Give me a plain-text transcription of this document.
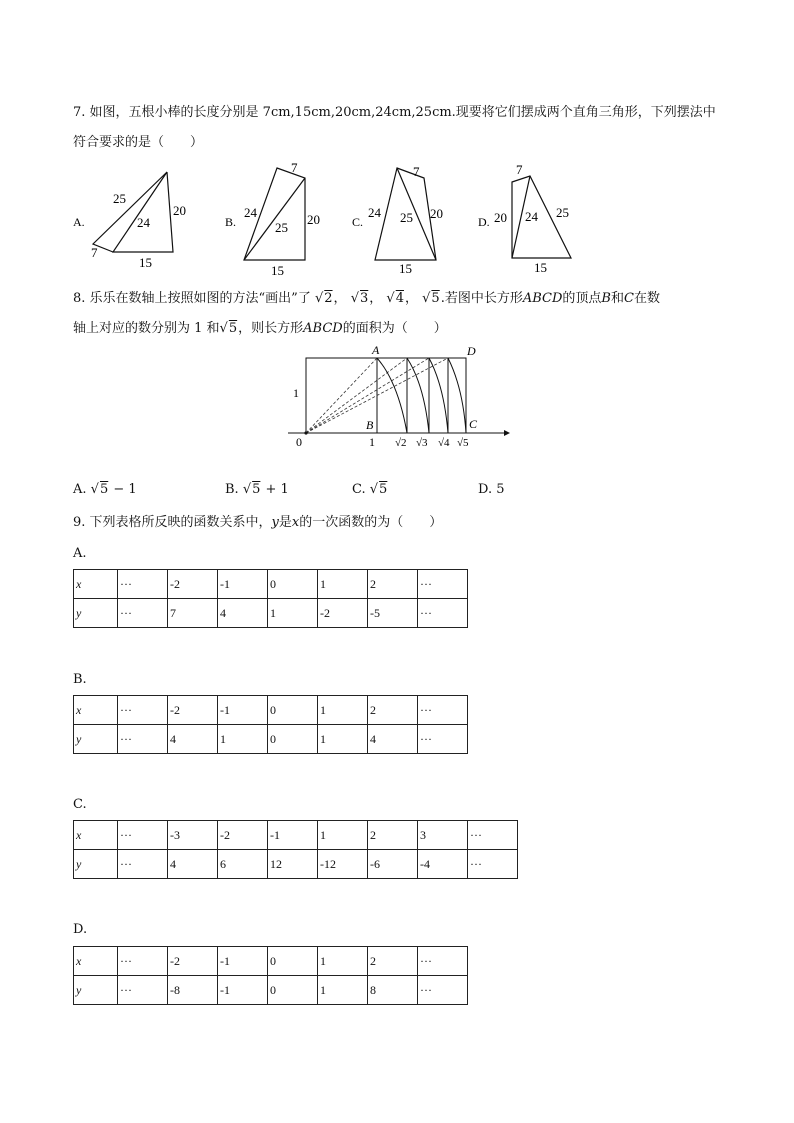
7. 如图，五根小棒的长度分别是 7cm,15cm,20cm,24cm,25cm.现要将它们摆成两个直角三角形，下列摆法中
符合要求的是（　　）
A.
25
24
20
7
15
B.
7
24
25
20
15
C.
7
24 25 20
15
D.
7
20 24 25
15
8. 乐乐在数轴上按照如图的方法“画出”了 √2， √3， √4， √5.若图中长方形ABCD的顶点B和C在数
轴上对应的数分别为 1 和√5，则长方形ABCD的面积为（　　）
A	D
B	C
1
0	1 √2 √3 √4 √5
A. √5 − 1	B. √5 + 1	C. √5	D. 5
9. 下列表格所反映的函数关系中，y是x的一次函数的为（　　）
A.
x	···	-2	-1	0	1	2	···
y	···	7	4	1	-2	-5	···
B.
x	···	-2	-1	0	1	2	···
y	···	4	1	0	1	4	···
C.
x	···	-3	-2	-1	1	2	3	···
y	···	4	6	12	-12	-6	-4	···
D.
x	···	-2	-1	0	1	2	···
y	···	-8	-1	0	1	8	···
